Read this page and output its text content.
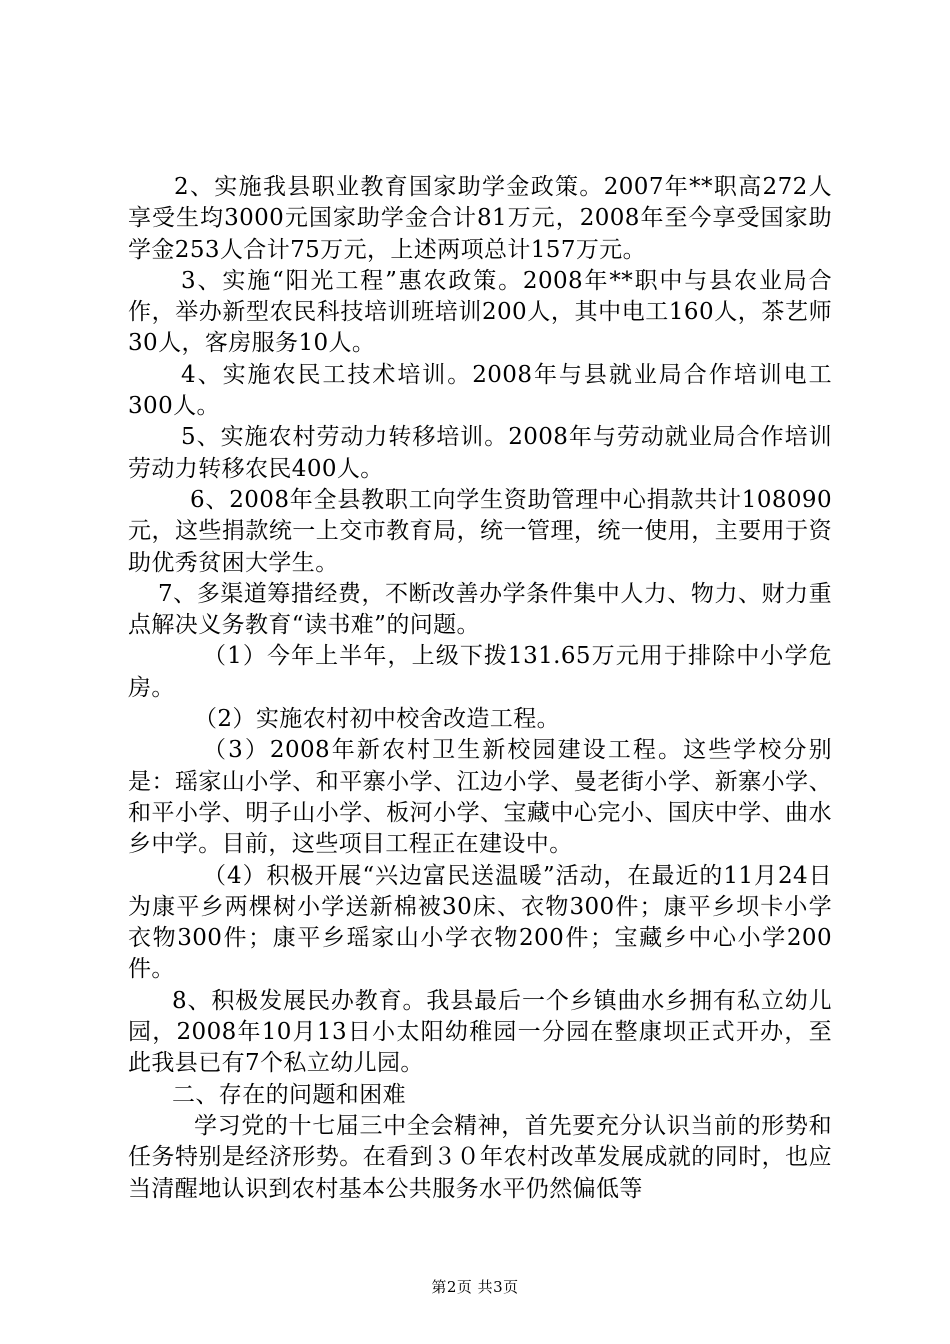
2、实施我县职业教育国家助学金政策。2007年**职高272人享受生均3000元国家助学金合计81万元，2008年至今享受国家助学金253人合计75万元，上述两项总计157万元。

3、实施“阳光工程”惠农政策。2008年**职中与县农业局合作，举办新型农民科技培训班培训200人，其中电工160人，茶艺师30人，客房服务10人。

4、实施农民工技术培训。2008年与县就业局合作培训电工300人。

5、实施农村劳动力转移培训。2008年与劳动就业局合作培训劳动力转移农民400人。

6、2008年全县教职工向学生资助管理中心捐款共计108090元，这些捐款统一上交市教育局，统一管理，统一使用，主要用于资助优秀贫困大学生。

7、多渠道筹措经费，不断改善办学条件集中人力、物力、财力重点解决义务教育“读书难”的问题。

（1）今年上半年，上级下拨131.65万元用于排除中小学危房。

（2）实施农村初中校舍改造工程。

（3）2008年新农村卫生新校园建设工程。这些学校分别是：瑶家山小学、和平寨小学、江边小学、曼老街小学、新寨小学、和平小学、明子山小学、板河小学、宝藏中心完小、国庆中学、曲水乡中学。目前，这些项目工程正在建设中。

（4）积极开展“兴边富民送温暖”活动，在最近的11月24日为康平乡两棵树小学送新棉被30床、衣物300件；康平乡坝卡小学衣物300件；康平乡瑶家山小学衣物200件；宝藏乡中心小学200件。

8、积极发展民办教育。我县最后一个乡镇曲水乡拥有私立幼儿园，2008年10月13日小太阳幼稚园一分园在整康坝正式开办，至此我县已有7个私立幼儿园。

二、存在的问题和困难

学习党的十七届三中全会精神，首先要充分认识当前的形势和任务特别是经济形势。在看到３０年农村改革发展成就的同时，也应当清醒地认识到农村基本公共服务水平仍然偏低等

第2页 共3页
